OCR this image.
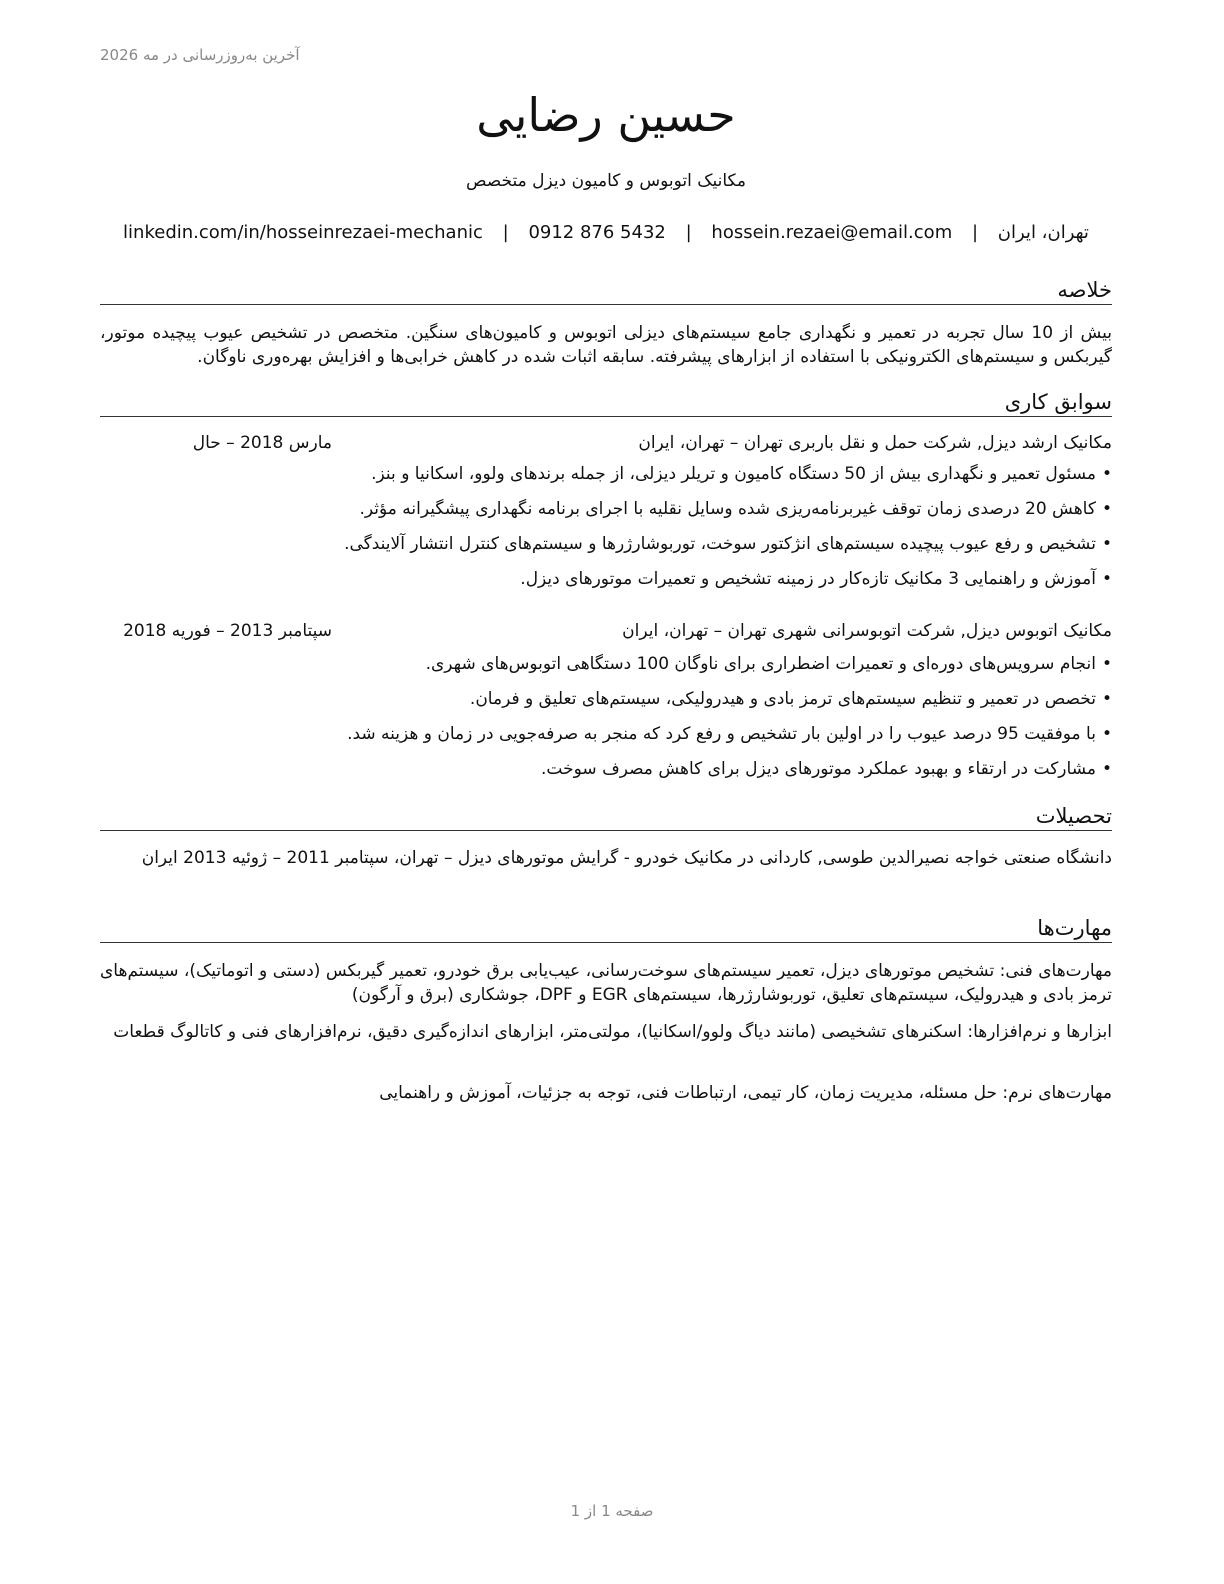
آخرین به‌روزرسانی در مه 2026
حسین رضایی
مکانیک اتوبوس و کامیون دیزل متخصص
تهران، ایران | hossein.rezaei@email.com | 0912 876 5432 | linkedin.com/in/hosseinrezaei-mechanic
خلاصه
بیش از 10 سال تجربه در تعمیر و نگهداری جامع سیستم‌های دیزلی اتوبوس و کامیون‌های سنگین. متخصص در تشخیص عیوب پیچیده موتور، گیربکس و سیستم‌های الکترونیکی با استفاده از ابزارهای پیشرفته. سابقه اثبات شده در کاهش خرابی‌ها و افزایش بهره‌وری ناوگان.
سوابق کاری
مکانیک ارشد دیزل, شرکت حمل و نقل باربری تهران – تهران، ایران
مارس 2018 – حال
•مسئول تعمیر و نگهداری بیش از 50 دستگاه کامیون و تریلر دیزلی، از جمله برندهای ولوو، اسکانیا و بنز.
•کاهش 20 درصدی زمان توقف غیربرنامه‌ریزی شده وسایل نقلیه با اجرای برنامه نگهداری پیشگیرانه مؤثر.
•تشخیص و رفع عیوب پیچیده سیستم‌های انژکتور سوخت، توربوشارژرها و سیستم‌های کنترل انتشار آلایندگی.
•آموزش و راهنمایی 3 مکانیک تازه‌کار در زمینه تشخیص و تعمیرات موتورهای دیزل.
مکانیک اتوبوس دیزل, شرکت اتوبوسرانی شهری تهران – تهران، ایران
سپتامبر 2013 – فوریه 2018
•انجام سرویس‌های دوره‌ای و تعمیرات اضطراری برای ناوگان 100 دستگاهی اتوبوس‌های شهری.
•تخصص در تعمیر و تنظیم سیستم‌های ترمز بادی و هیدرولیکی، سیستم‌های تعلیق و فرمان.
•با موفقیت 95 درصد عیوب را در اولین بار تشخیص و رفع کرد که منجر به صرفه‌جویی در زمان و هزینه شد.
•مشارکت در ارتقاء و بهبود عملکرد موتورهای دیزل برای کاهش مصرف سوخت.
تحصیلات
دانشگاه صنعتی خواجه نصیرالدین طوسی, کاردانی در مکانیک خودرو - گرایش موتورهای دیزل – تهران، سپتامبر 2011 – ژوئیه 2013 ایران
مهارت‌ها
مهارت‌های فنی: تشخیص موتورهای دیزل، تعمیر سیستم‌های سوخت‌رسانی، عیب‌یابی برق خودرو، تعمیر گیربکس (دستی و اتوماتیک)، سیستم‌های ترمز بادی و هیدرولیک، سیستم‌های تعلیق، توربوشارژرها، سیستم‌های EGR و DPF، جوشکاری (برق و آرگون)
ابزارها و نرم‌افزارها: اسکنرهای تشخیصی (مانند دیاگ ولوو/اسکانیا)، مولتی‌متر، ابزارهای اندازه‌گیری دقیق، نرم‌افزارهای فنی و کاتالوگ قطعات
مهارت‌های نرم: حل مسئله، مدیریت زمان، کار تیمی، ارتباطات فنی، توجه به جزئیات، آموزش و راهنمایی
صفحه 1 از 1
